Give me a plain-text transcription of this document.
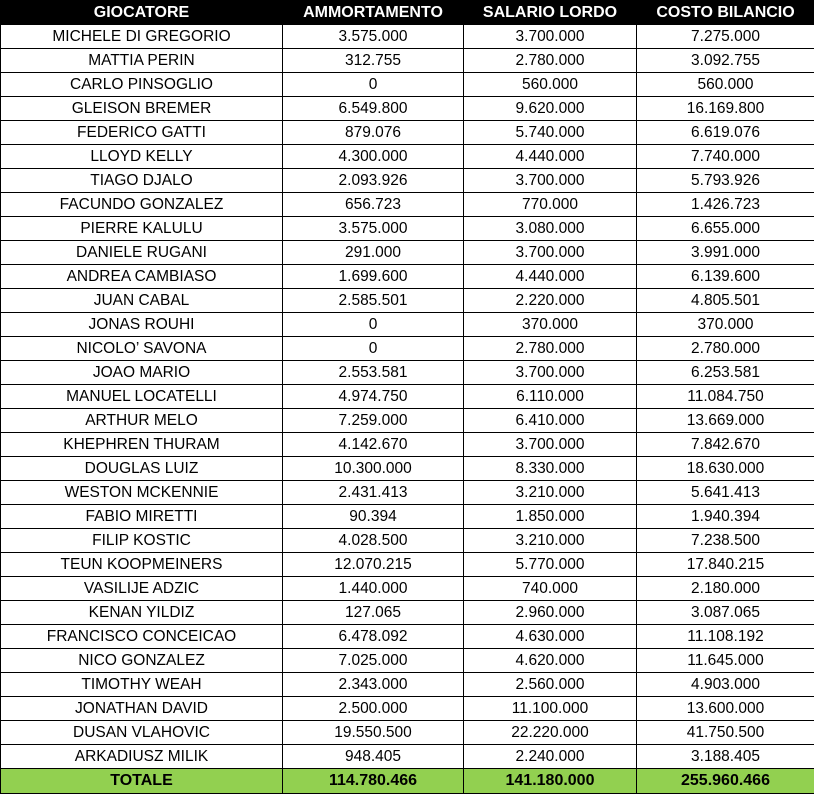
GIOCATORE	AMMORTAMENTO	SALARIO LORDO	COSTO BILANCIO
MICHELE DI GREGORIO	3.575.000	3.700.000	7.275.000
MATTIA PERIN	312.755	2.780.000	3.092.755
CARLO PINSOGLIO	0	560.000	560.000
GLEISON BREMER	6.549.800	9.620.000	16.169.800
FEDERICO GATTI	879.076	5.740.000	6.619.076
LLOYD KELLY	4.300.000	4.440.000	7.740.000
TIAGO DJALO	2.093.926	3.700.000	5.793.926
FACUNDO GONZALEZ	656.723	770.000	1.426.723
PIERRE KALULU	3.575.000	3.080.000	6.655.000
DANIELE RUGANI	291.000	3.700.000	3.991.000
ANDREA CAMBIASO	1.699.600	4.440.000	6.139.600
JUAN CABAL	2.585.501	2.220.000	4.805.501
JONAS ROUHI	0	370.000	370.000
NICOLO’ SAVONA	0	2.780.000	2.780.000
JOAO MARIO	2.553.581	3.700.000	6.253.581
MANUEL LOCATELLI	4.974.750	6.110.000	11.084.750
ARTHUR MELO	7.259.000	6.410.000	13.669.000
KHEPHREN THURAM	4.142.670	3.700.000	7.842.670
DOUGLAS LUIZ	10.300.000	8.330.000	18.630.000
WESTON MCKENNIE	2.431.413	3.210.000	5.641.413
FABIO MIRETTI	90.394	1.850.000	1.940.394
FILIP KOSTIC	4.028.500	3.210.000	7.238.500
TEUN KOOPMEINERS	12.070.215	5.770.000	17.840.215
VASILIJE ADZIC	1.440.000	740.000	2.180.000
KENAN YILDIZ	127.065	2.960.000	3.087.065
FRANCISCO CONCEICAO	6.478.092	4.630.000	11.108.192
NICO GONZALEZ	7.025.000	4.620.000	11.645.000
TIMOTHY WEAH	2.343.000	2.560.000	4.903.000
JONATHAN DAVID	2.500.000	11.100.000	13.600.000
DUSAN VLAHOVIC	19.550.500	22.220.000	41.750.500
ARKADIUSZ MILIK	948.405	2.240.000	3.188.405
TOTALE	114.780.466	141.180.000	255.960.466
